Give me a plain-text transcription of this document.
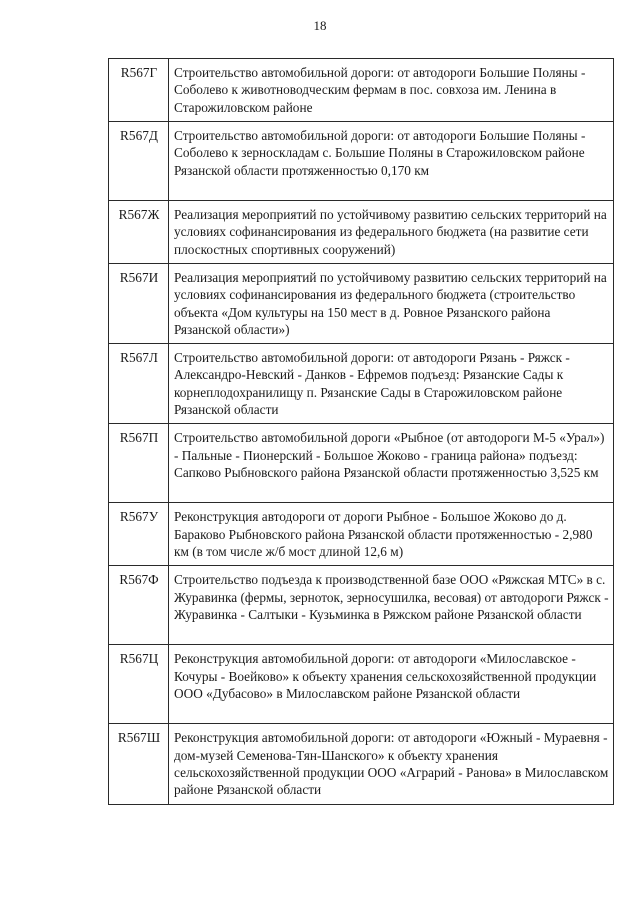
18
R567Г	Строительство автомобильной дороги: от автодороги Большие Поляны - Соболево к животноводческим фермам в пос. совхоза им. Ленина в Старожиловском районе
R567Д	Строительство автомобильной дороги: от автодороги Большие Поляны - Соболево к зерноскладам с. Большие Поляны в Старожиловском районе Рязанской области протяженностью 0,170 км
R567Ж	Реализация мероприятий по устойчивому развитию сельских территорий на условиях софинансирования из федерального бюджета (на развитие сети плоскостных спортивных сооружений)
R567И	Реализация мероприятий по устойчивому развитию сельских территорий на условиях софинансирования из федерального бюджета (строительство объекта «Дом культуры на 150 мест в д. Ровное Рязанского района Рязанской области»)
R567Л	Строительство автомобильной дороги: от автодороги Рязань - Ряжск - Александро-Невский - Данков - Ефремов подъезд: Рязанские Сады к корнеплодохранилищу п. Рязанские Сады в Старожиловском районе Рязанской области
R567П	Строительство автомобильной дороги «Рыбное (от автодороги М-5 «Урал») - Пальные - Пионерский - Большое Жоково - граница района» подъезд: Сапково Рыбновского района Рязанской области протяженностью 3,525 км
R567У	Реконструкция автодороги от дороги Рыбное - Большое Жоково до д. Бараково Рыбновского района Рязанской области протяженностью - 2,980 км (в том числе ж/б мост длиной 12,6 м)
R567Ф	Строительство подъезда к производственной базе ООО «Ряжская МТС» в с. Журавинка (фермы, зерноток, зерносушилка, весовая) от автодороги Ряжск - Журавинка - Салтыки - Кузьминка в Ряжском районе Рязанской области
R567Ц	Реконструкция автомобильной дороги: от автодороги «Милославское - Кочуры - Воейково» к объекту хранения сельскохозяйственной продукции ООО «Дубасово» в Милославском районе Рязанской области
R567Ш	Реконструкция автомобильной дороги: от автодороги «Южный - Мураевня - дом-музей Семенова-Тян-Шанского» к объекту хранения сельскохозяйственной продукции ООО «Аграрий - Ранова» в Милославском районе Рязанской области
